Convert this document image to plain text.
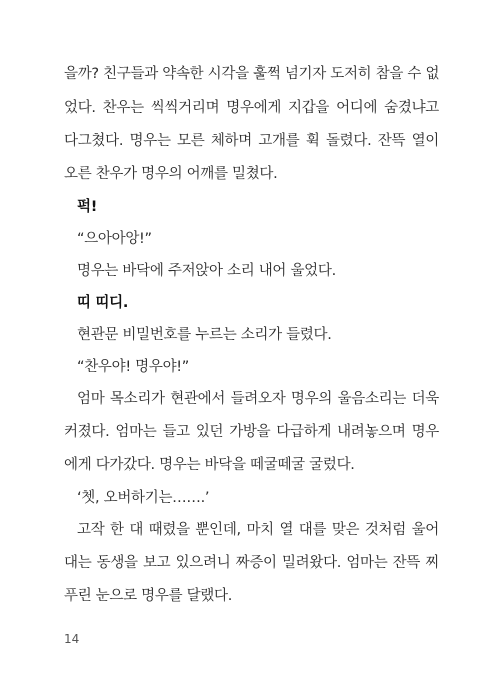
을까? 친구들과 약속한 시각을 훌쩍 넘기자 도저히 참을 수 없
었다. 찬우는 씩씩거리며 명우에게 지갑을 어디에 숨겼냐고
다그쳤다. 명우는 모른 체하며 고개를 휙 돌렸다. 잔뜩 열이
오른 찬우가 명우의 어깨를 밀쳤다.
퍽!
“으아아앙!”
명우는 바닥에 주저앉아 소리 내어 울었다.
띠 띠디.
현관문 비밀번호를 누르는 소리가 들렸다.
“찬우야! 명우야!”
엄마 목소리가 현관에서 들려오자 명우의 울음소리는 더욱
커졌다. 엄마는 들고 있던 가방을 다급하게 내려놓으며 명우
에게 다가갔다. 명우는 바닥을 떼굴떼굴 굴렀다.
‘쳇, 오버하기는…….’
고작 한 대 때렸을 뿐인데, 마치 열 대를 맞은 것처럼 울어
대는 동생을 보고 있으려니 짜증이 밀려왔다. 엄마는 잔뜩 찌
푸린 눈으로 명우를 달랬다.
14
